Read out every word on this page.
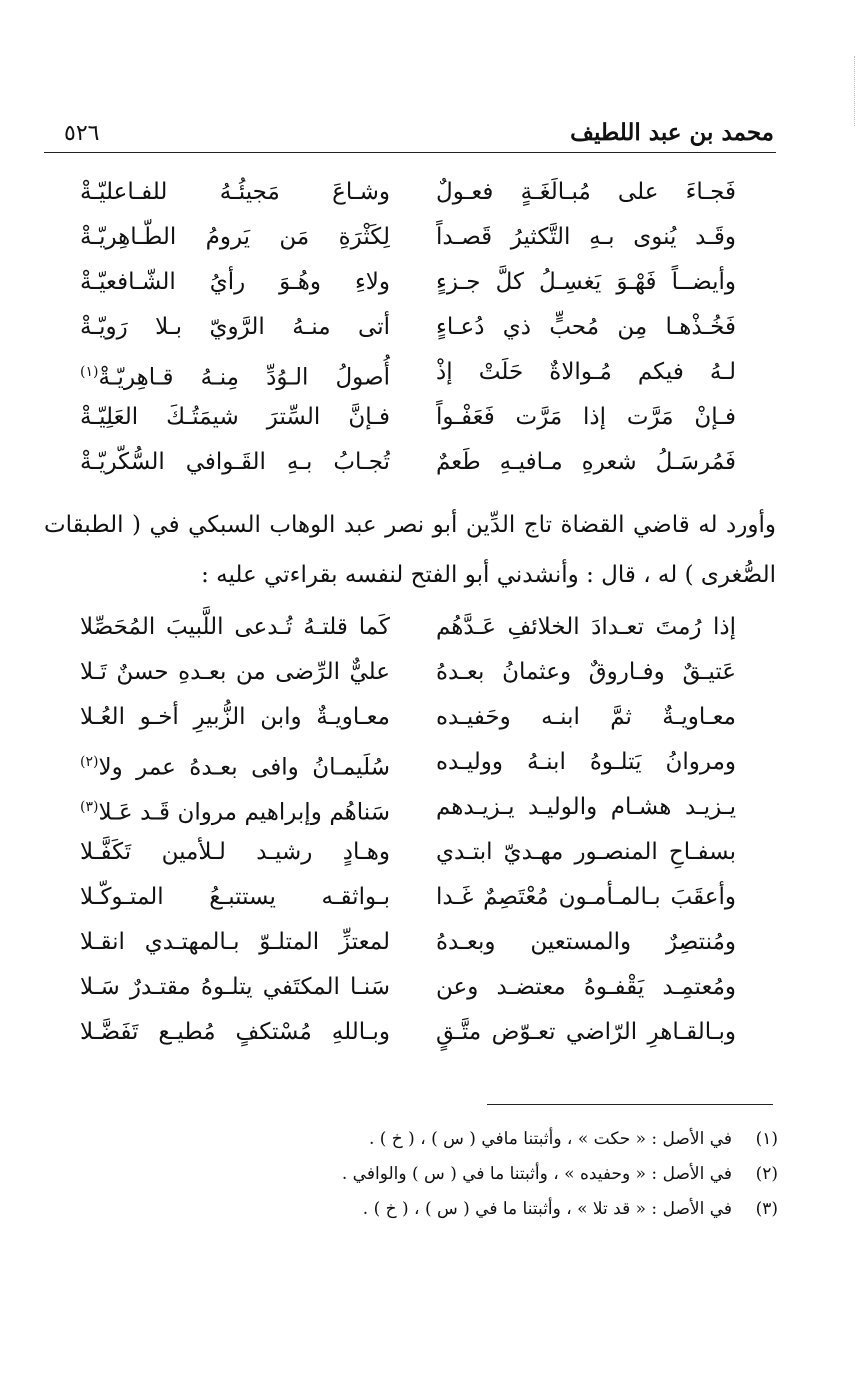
محمد بن عبد اللطيف
٥٢٦
فَجـاءَ على مُبـالَغَـةٍ فعـولٌ
وشـاعَ مَجيئُـهُ للفـاعليّـةْ
وقَـد يُنوى بـهِ التَّكثيرُ قَصـداً
لِكَثْرَةِ مَن يَرومُ الطّـاهِريّـةْ
وأيضــاً فَهْـوَ يَغسِـلُ كلَّ جـزءٍ
ولاءِ وهُـوَ رأيُ الشّـافعيّـةْ
فَخُـذْهـا مِن مُحبٍّ ذي دُعـاءٍ
أتى منـهُ الرَّويّ بـلا رَويّـةْ
لـهُ فيكم مُـوالاةٌ حَلَتْ إذْ
أُصولُ الـوُدِّ مِنـهُ قـاهِريّـةْ$^{(١)}$
فـإنْ مَرَّت إذا مَرَّت فَعَفْـواً
فـإنَّ السِّترَ شيمَتُـكَ العَلِيّـةْ
فَمُرسَـلُ شعرهِ مـافيـهِ طَعمٌ
تُجـابُ بـهِ القَـوافي السُّكّريّـةْ
وأورد له قاضي القضاة تاج الدِّين أبو نصر عبد الوهاب السبكي في ( الطبقات
الصُّغرى ) له ، قال : وأنشدني أبو الفتح لنفسه بقراءتي عليه :
إذا رُمتَ تعـدادَ الخلائفِ عَـدَّهُم
كَما قلتـهُ تُـدعى اللَّبيبَ المُحَصِّلا
عَتيـقٌ وفـاروقٌ وعثمانُ بعـدهُ
عليٌّ الرِّضى من بعـدهِ حسنٌ تَـلا
معـاويـةٌ ثمَّ ابنـه وحَفيـده
معـاويـةٌ وابن الزُّبيرِ أخـو العُـلا
ومروانُ يَتلـوهُ ابنـهُ ووليـده
سُلَيمـانُ وافى بعـدهُ عمر ولا$^{(٢)}$
يـزيـد هشـام والوليـد يـزيـدهم
سَناهُم وإبراهيم مروان قَـد عَـلا$^{(٣)}$
بسفـاحِ المنصـور مهـديّ ابتـدي
وهـادٍ رشيـد لـلأمين تَكَفَّـلا
وأعقَبَ بـالمـأمـون مُعْتَصِمٌ غَـدا
بـواثقـه يستتبـعُ المتـوكّـلا
ومُنتصِرٌ والمستعين وبعـدهُ
لمعتزِّ المتلـوّ بـالمهتـدي انقـلا
ومُعتمِـد يَقْفـوهُ معتضـد وعن
سَنـا المكتَفي يتلـوهُ مقتـدرٌ سَـلا
وبـالقـاهرِ الرّاضي تعـوّض متَّـقٍ
وبـاللهِ مُسْتكفٍ مُطيـع تَفَضَّـلا
(١)في الأصل : « حكت » ، وأثبتنا مافي ( س ) ، ( خ ) .
(٢)في الأصل : « وحفيده » ، وأثبتنا ما في ( س ) والوافي .
(٣)في الأصل : « قد تلا » ، وأثبتنا ما في ( س ) ، ( خ ) .
